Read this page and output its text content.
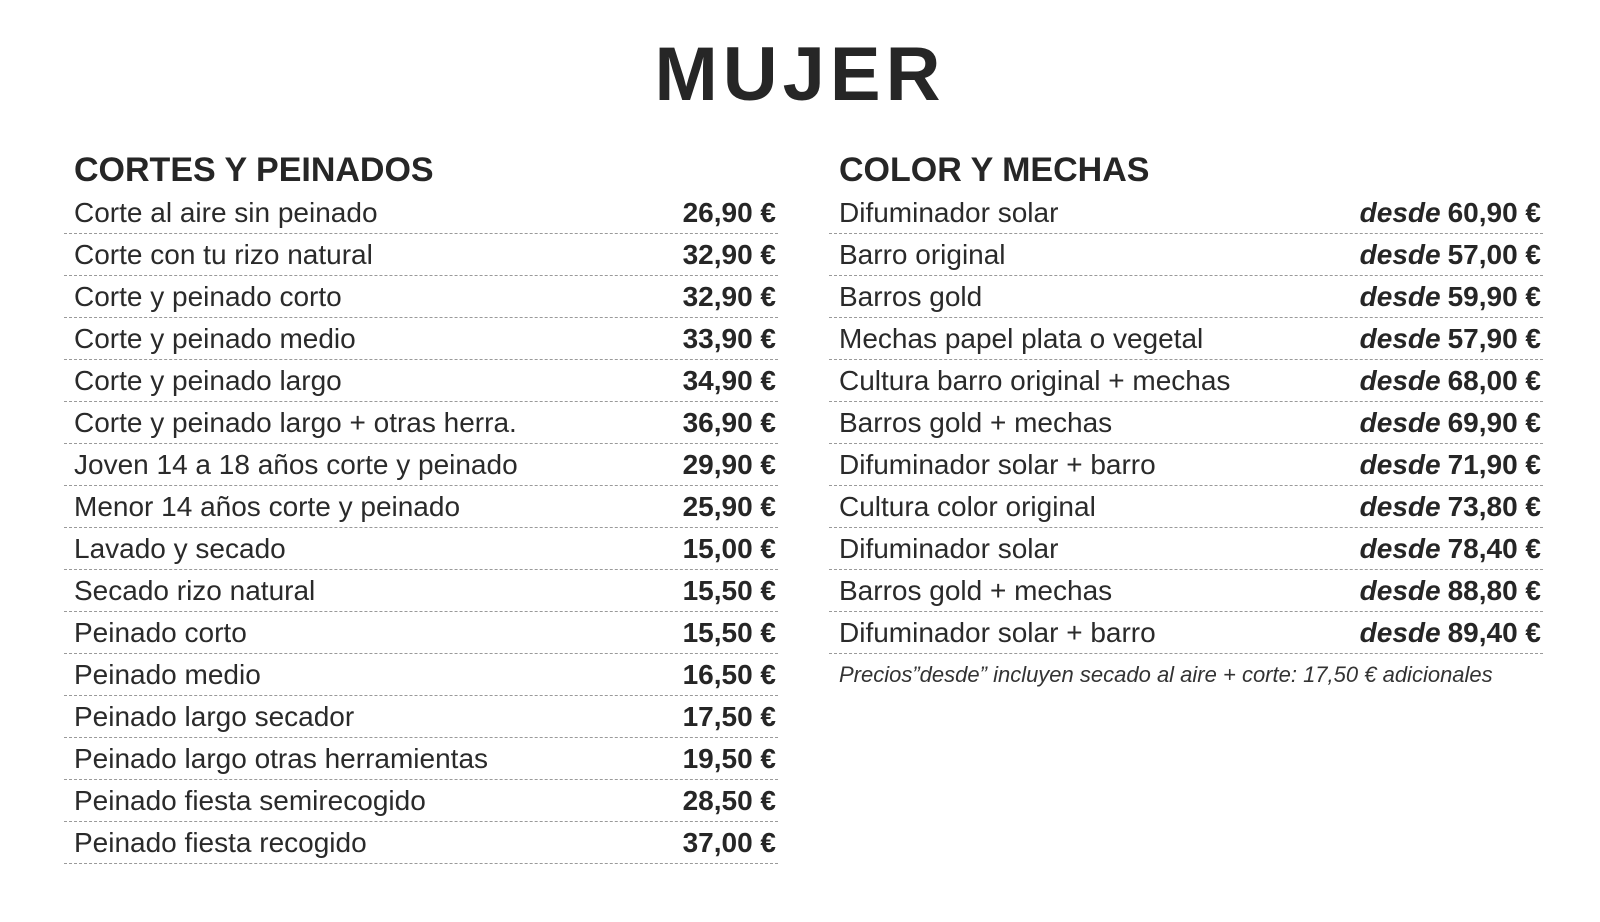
MUJER
CORTES Y PEINADOS
Corte al aire sin peinado	26,90 €
Corte con tu rizo natural	32,90 €
Corte y peinado corto	32,90 €
Corte y peinado medio	33,90 €
Corte y peinado largo	34,90 €
Corte y peinado largo + otras herra.	36,90 €
Joven 14 a 18 años corte y peinado	29,90 €
Menor 14 años corte y peinado	25,90 €
Lavado y secado	15,00 €
Secado rizo natural	15,50 €
Peinado corto	15,50 €
Peinado medio	16,50 €
Peinado largo secador	17,50 €
Peinado largo otras herramientas	19,50 €
Peinado fiesta semirecogido	28,50 €
Peinado fiesta recogido	37,00 €
COLOR Y MECHAS
Difuminador solar	desde 60,90 €
Barro original	desde 57,00 €
Barros gold	desde 59,90 €
Mechas papel plata o vegetal	desde 57,90 €
Cultura barro original + mechas	desde 68,00 €
Barros gold + mechas	desde 69,90 €
Difuminador solar + barro	desde 71,90 €
Cultura color original	desde 73,80 €
Difuminador solar	desde 78,40 €
Barros gold + mechas	desde 88,80 €
Difuminador solar + barro	desde 89,40 €

Precios”desde” incluyen secado al aire + corte: 17,50 € adicionales
